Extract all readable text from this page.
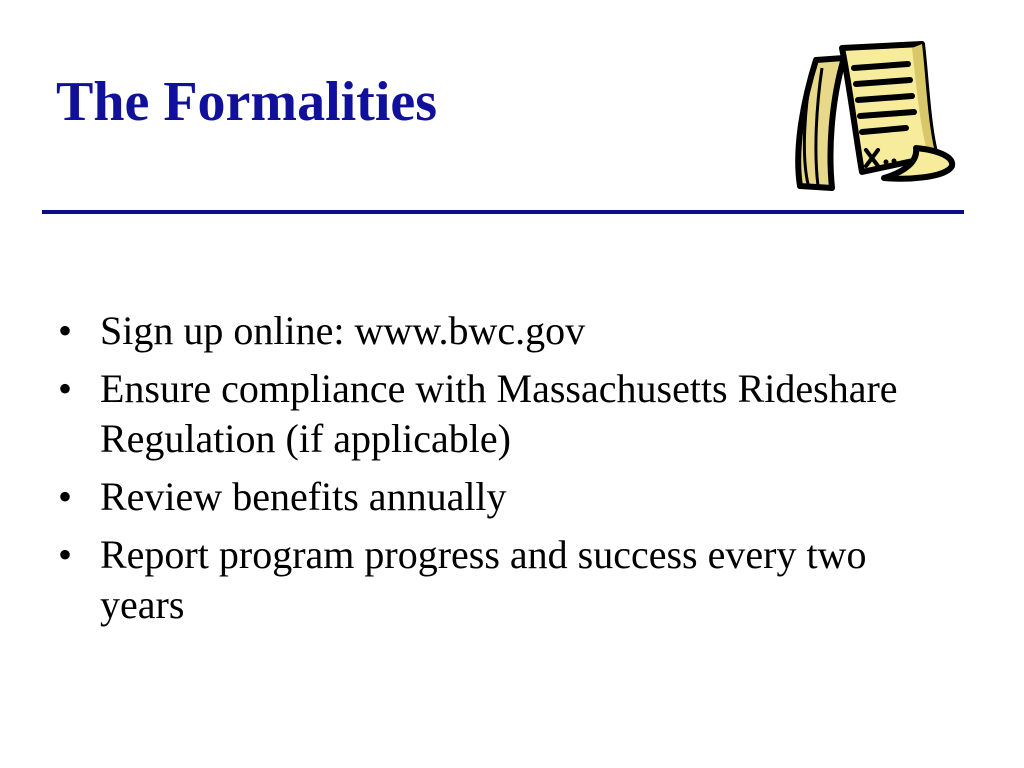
The Formalities
• Sign up online: www.bwc.gov
• Ensure compliance with Massachusetts Rideshare Regulation (if applicable)
• Review benefits annually
• Report program progress and success every two years
